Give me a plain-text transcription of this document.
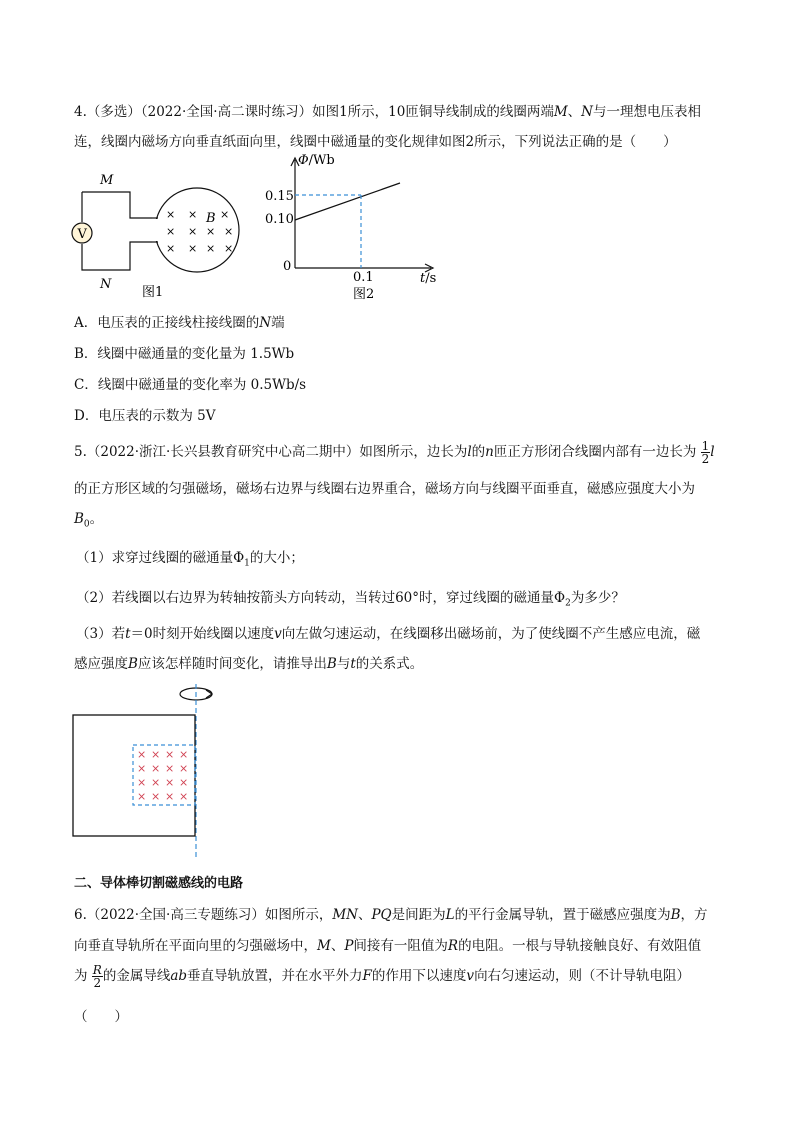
4.（多选）（2022·全国·高二课时练习）如图1所示，10匝铜导线制成的线圈两端M、N与一理想电压表相
连，线圈内磁场方向垂直纸面向里，线圈中磁通量的变化规律如图2所示，下列说法正确的是（　　）
V
M
N
B
× × ×
× × × ×
× × × ×
图1
Φ/Wb
0.15
0.10
0
0.1	t/s
图2
A．电压表的正接线柱接线圈的N端
B．线圈中磁通量的变化量为 1.5Wb
C．线圈中磁通量的变化率为 0.5Wb/s
D．电压表的示数为 5V
5.（2022·浙江·长兴县教育研究中心高二期中）如图所示，边长为l的n匝正方形闭合线圈内部有一边长为 $\frac{1}{2}$ l
的正方形区域的匀强磁场，磁场右边界与线圈右边界重合，磁场方向与线圈平面垂直，磁感应强度大小为
$B_0$。
（1）求穿过线圈的磁通量$\Phi_1$的大小；
（2）若线圈以右边界为转轴按箭头方向转动，当转过60°时，穿过线圈的磁通量$\Phi_2$为多少？
（3）若t＝0时刻开始线圈以速度v向左做匀速运动，在线圈移出磁场前，为了使线圈不产生感应电流，磁
感应强度B应该怎样随时间变化，请推导出B与t的关系式。
× × × ×
× × × ×
× × × ×
× × × ×
二、导体棒切割磁感线的电路
6.（2022·全国·高三专题练习）如图所示，MN、PQ是间距为L的平行金属导轨，置于磁感应强度为B，方
向垂直导轨所在平面向里的匀强磁场中，M、P间接有一阻值为R的电阻。一根与导轨接触良好、有效阻值
为 $\frac{R}{2}$ 的金属导线ab垂直导轨放置，并在水平外力F的作用下以速度v向右匀速运动，则（不计导轨电阻）
（　　）
